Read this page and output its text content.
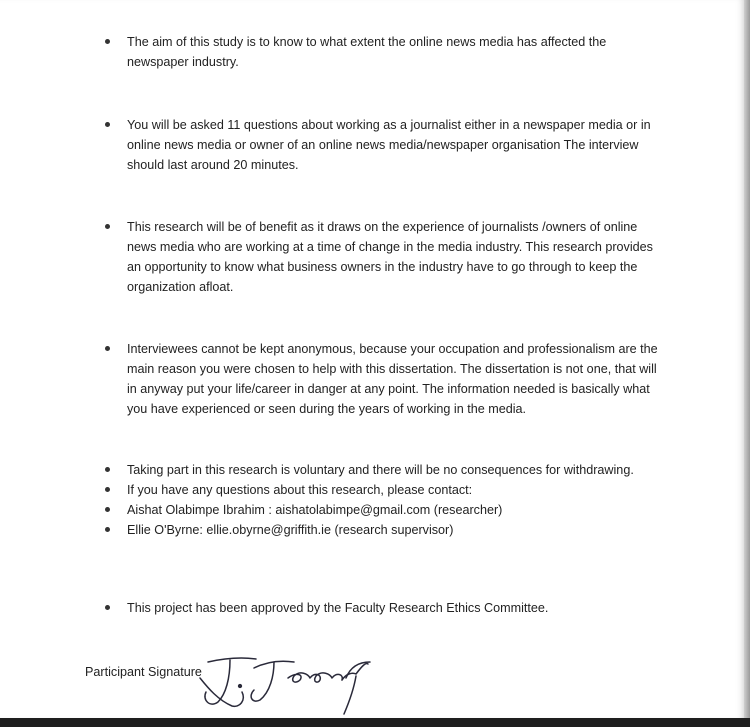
The aim of this study is to know to what extent the online news media has affected the newspaper industry.
You will be asked 11 questions about working as a journalist either in a newspaper media or in online news media or owner of an online news media/newspaper organisation The interview should last around 20 minutes.
This research will be of benefit as it draws on the experience of journalists /owners of online news media who are working at a time of change in the media industry. This research provides an opportunity to know what business owners in the industry have to go through to keep the organization afloat.
Interviewees cannot be kept anonymous, because your occupation and professionalism are the main reason you were chosen to help with this dissertation. The dissertation is not one, that will in anyway put your life/career in danger at any point. The information needed is basically what you have experienced or seen during the years of working in the media.
Taking part in this research is voluntary and there will be no consequences for withdrawing.
If you have any questions about this research, please contact:
Aishat Olabimpe Ibrahim : aishatolabimpe@gmail.com (researcher)
Ellie O'Byrne: ellie.obyrne@griffith.ie (research supervisor)
This project has been approved by the Faculty Research Ethics Committee.
Participant Signature
